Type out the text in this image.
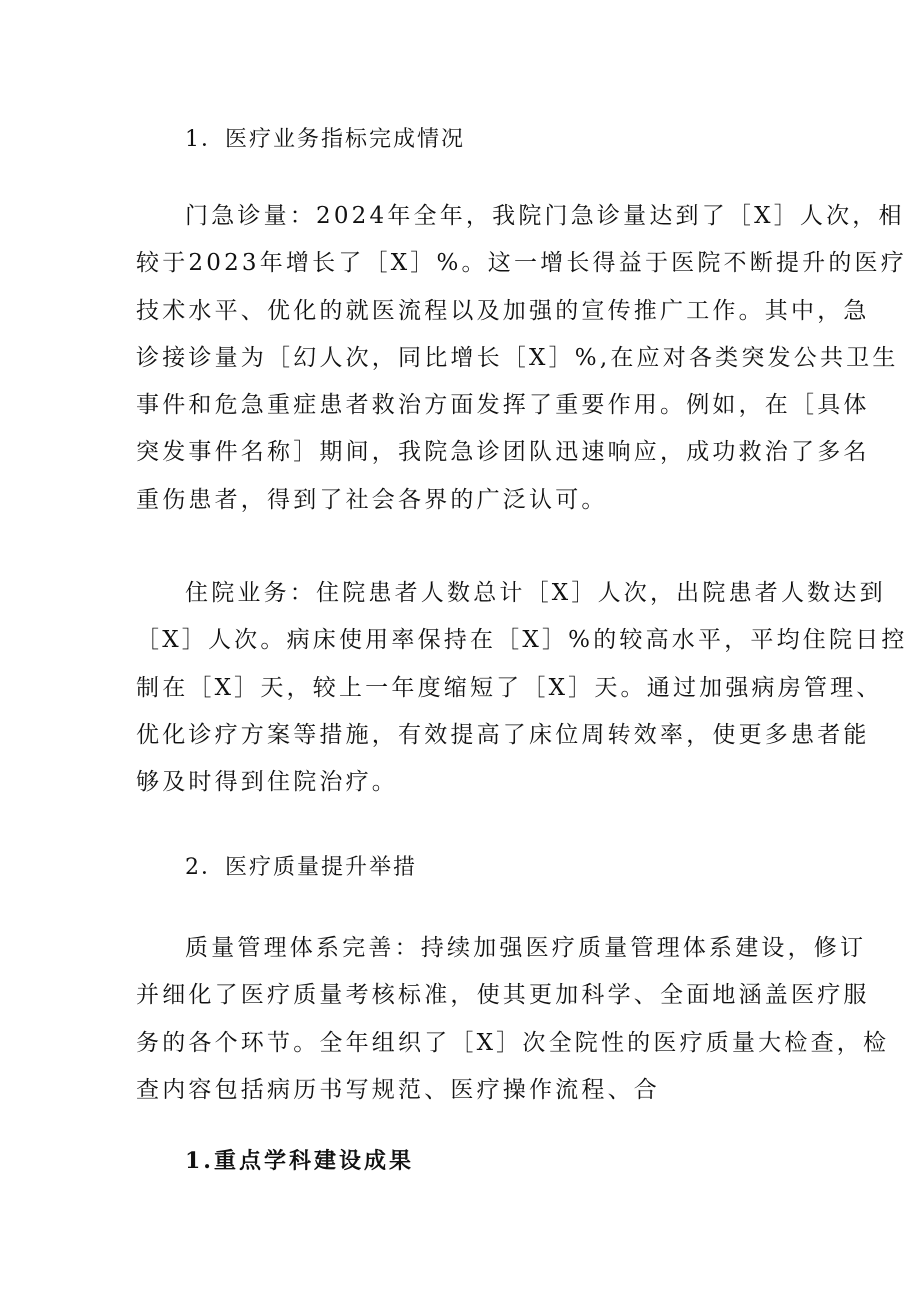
1．医疗业务指标完成情况
门急诊量：2024年全年，我院门急诊量达到了［X］人次，相
较于2023年增长了［X］%。这一增长得益于医院不断提升的医疗
技术水平、优化的就医流程以及加强的宣传推广工作。其中，急
诊接诊量为［幻人次，同比增长［X］%,在应对各类突发公共卫生
事件和危急重症患者救治方面发挥了重要作用。例如，在［具体
突发事件名称］期间，我院急诊团队迅速响应，成功救治了多名
重伤患者，得到了社会各界的广泛认可。
住院业务：住院患者人数总计［X］人次，出院患者人数达到
［X］人次。病床使用率保持在［X］%的较高水平，平均住院日控
制在［X］天，较上一年度缩短了［X］天。通过加强病房管理、
优化诊疗方案等措施，有效提高了床位周转效率，使更多患者能
够及时得到住院治疗。
2．医疗质量提升举措
质量管理体系完善：持续加强医疗质量管理体系建设，修订
并细化了医疗质量考核标准，使其更加科学、全面地涵盖医疗服
务的各个环节。全年组织了［X］次全院性的医疗质量大检查，检
查内容包括病历书写规范、医疗操作流程、合
1.重点学科建设成果
